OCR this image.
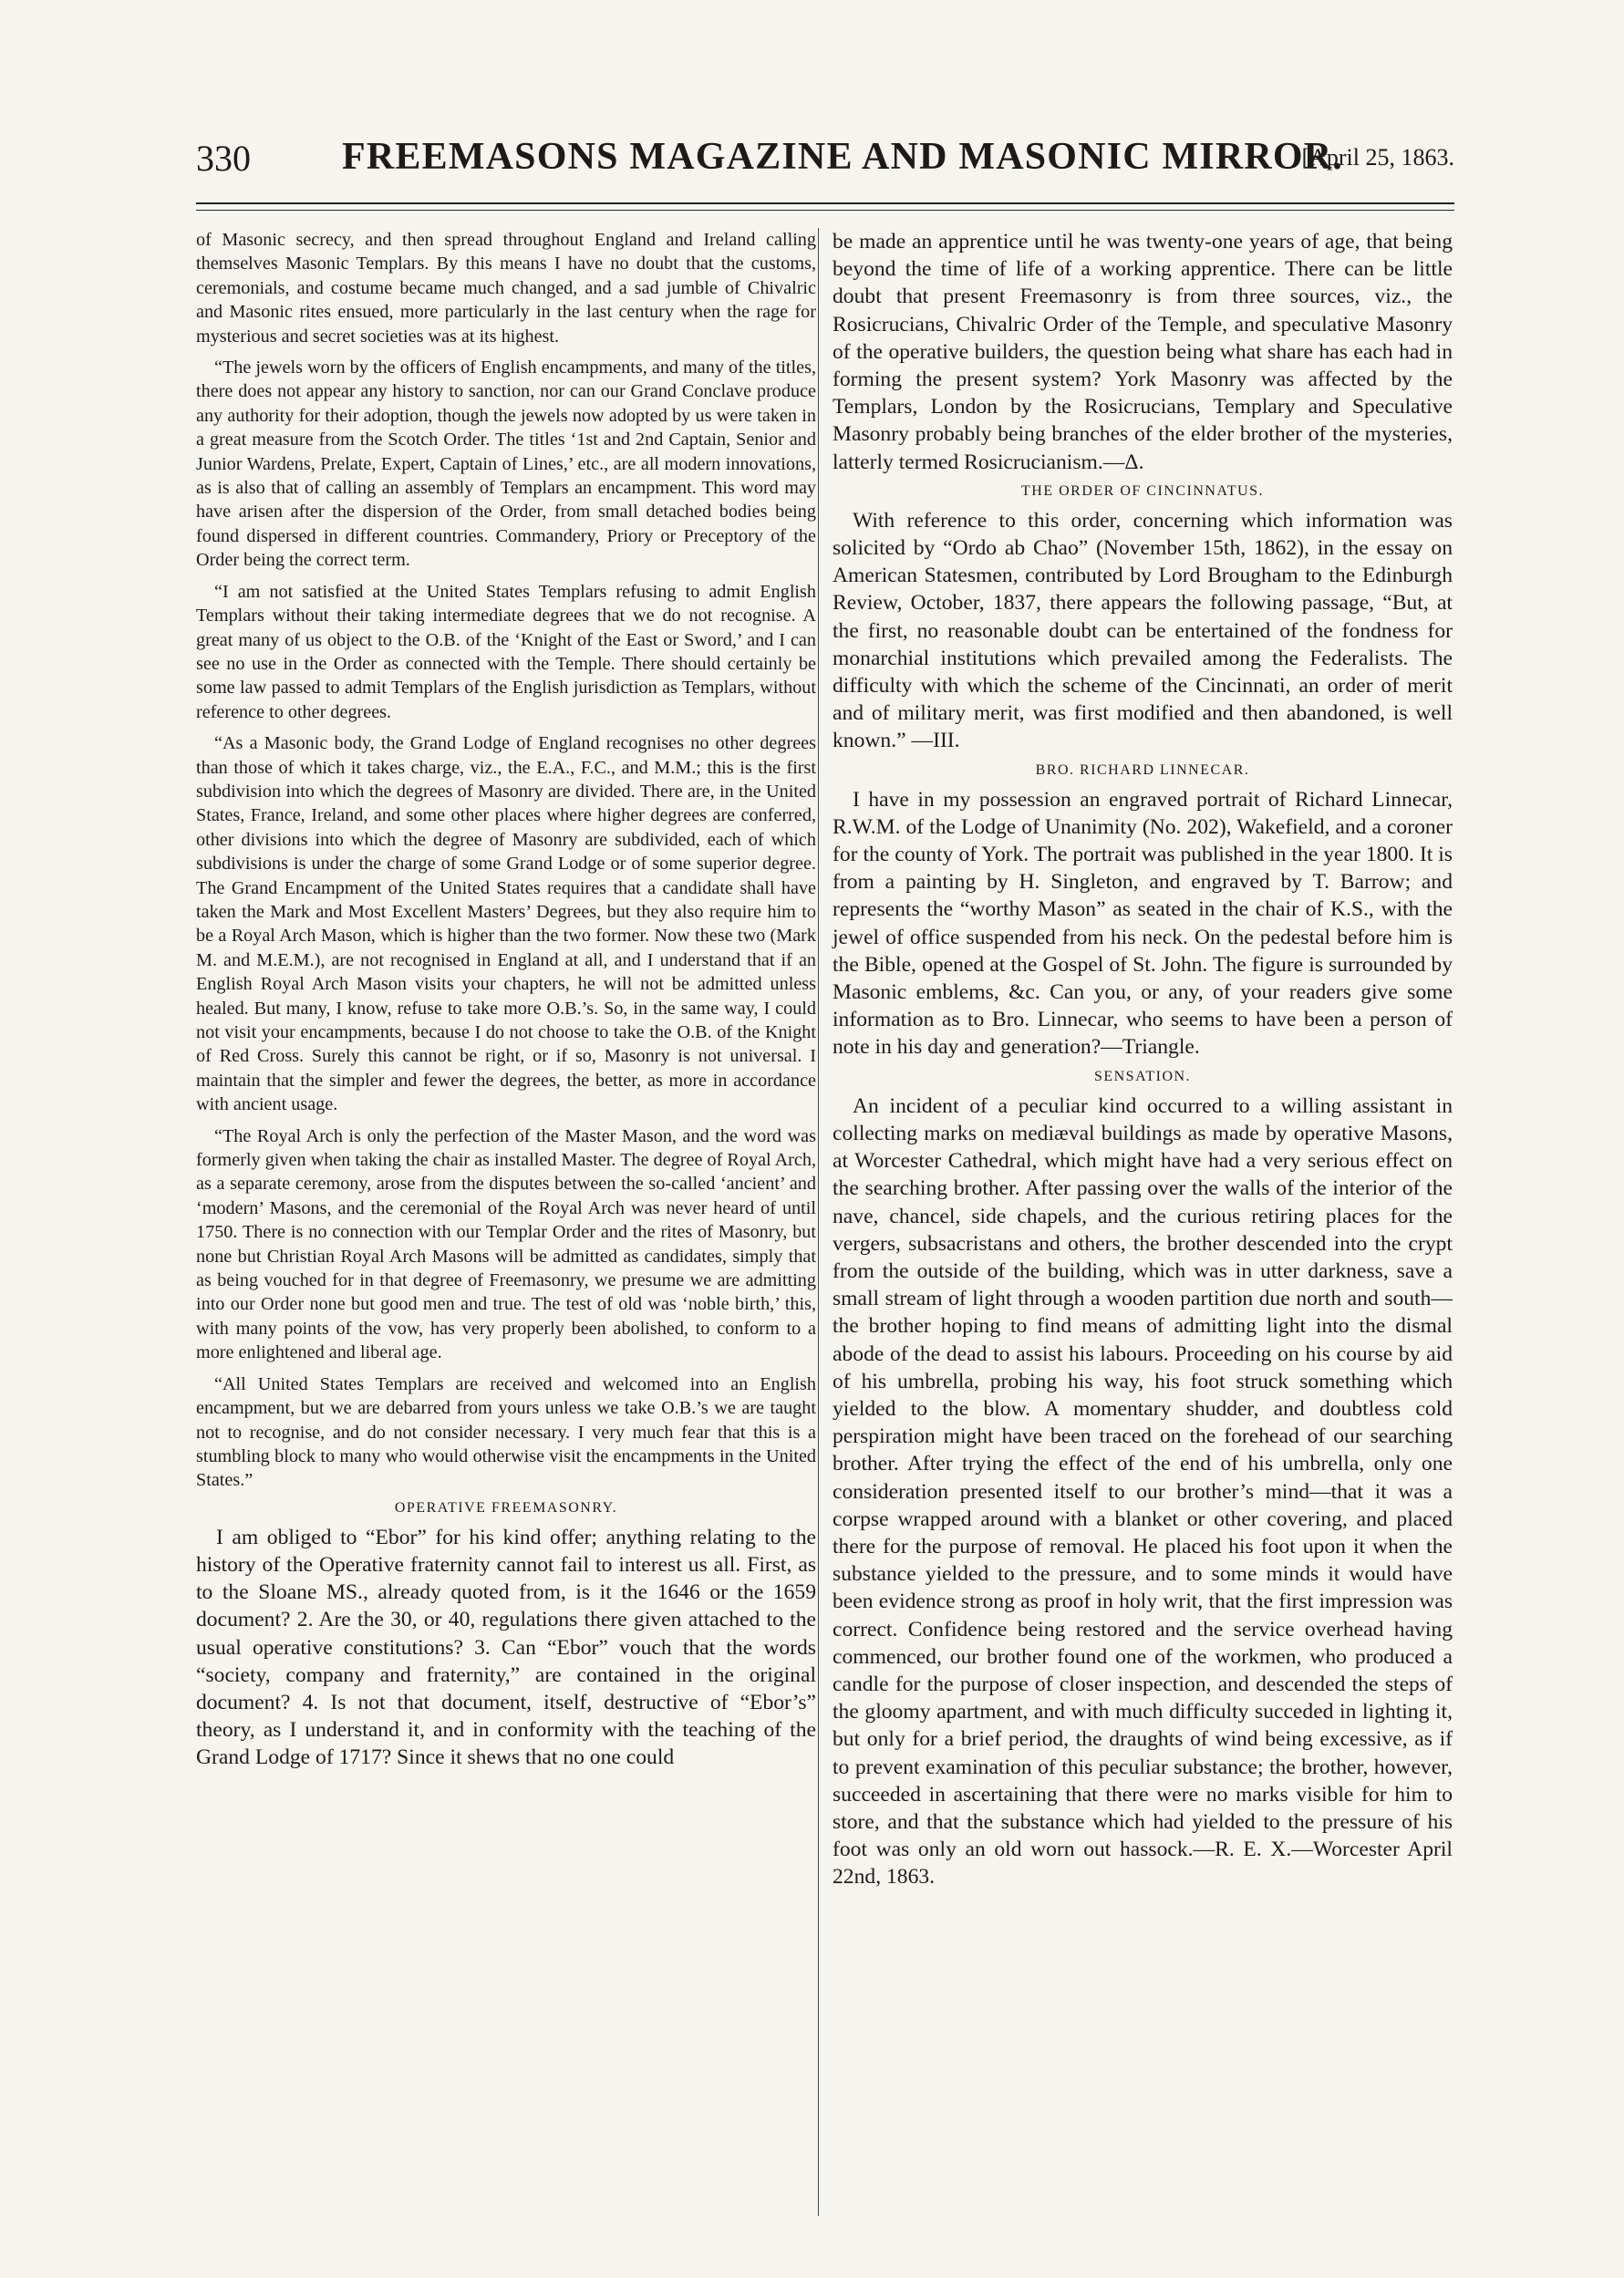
330 FREEMASONS MAGAZINE AND MASONIC MIRROR.
[April 25, 1863.

of Masonic secrecy, and then spread throughout England and Ireland calling themselves Masonic Templars. By this means I have no doubt that the customs, ceremonials, and costume became much changed, and a sad jumble of Chivalric and Masonic rites ensued, more particularly in the last century when the rage for mysterious and secret societies was at its highest.

“The jewels worn by the officers of English encampments, and many of the titles, there does not appear any history to sanction, nor can our Grand Conclave produce any authority for their adoption, though the jewels now adopted by us were taken in a great measure from the Scotch Order. The titles ‘1st and 2nd Captain, Senior and Junior Wardens, Prelate, Expert, Captain of Lines,’ etc., are all modern innovations, as is also that of calling an assembly of Templars an encampment. This word may have arisen after the dispersion of the Order, from small detached bodies being found dispersed in different countries. Commandery, Priory or Preceptory of the Order being the correct term.

“I am not satisfied at the United States Templars refusing to admit English Templars without their taking intermediate degrees that we do not recognise. A great many of us object to the O.B. of the ‘Knight of the East or Sword,’ and I can see no use in the Order as connected with the Temple. There should certainly be some law passed to admit Templars of the English jurisdiction as Templars, without reference to other degrees.

“As a Masonic body, the Grand Lodge of England recognises no other degrees than those of which it takes charge, viz., the E.A., F.C., and M.M.; this is the first subdivision into which the degrees of Masonry are divided. There are, in the United States, France, Ireland, and some other places where higher degrees are conferred, other divisions into which the degree of Masonry are subdivided, each of which subdivisions is under the charge of some Grand Lodge or of some superior degree. The Grand Encampment of the United States requires that a candidate shall have taken the Mark and Most Excellent Masters’ Degrees, but they also require him to be a Royal Arch Mason, which is higher than the two former. Now these two (Mark M. and M.E.M.), are not recognised in England at all, and I understand that if an English Royal Arch Mason visits your chapters, he will not be admitted unless healed. But many, I know, refuse to take more O.B.’s. So, in the same way, I could not visit your encampments, because I do not choose to take the O.B. of the Knight of Red Cross. Surely this cannot be right, or if so, Masonry is not universal. I maintain that the simpler and fewer the degrees, the better, as more in accordance with ancient usage.

“The Royal Arch is only the perfection of the Master Mason, and the word was formerly given when taking the chair as installed Master. The degree of Royal Arch, as a separate ceremony, arose from the disputes between the so-called ‘ancient’ and ‘modern’ Masons, and the ceremonial of the Royal Arch was never heard of until 1750. There is no connection with our Templar Order and the rites of Masonry, but none but Christian Royal Arch Masons will be admitted as candidates, simply that as being vouched for in that degree of Freemasonry, we presume we are admitting into our Order none but good men and true. The test of old was ‘noble birth,’ this, with many points of the vow, has very properly been abolished, to conform to a more enlightened and liberal age.

“All United States Templars are received and welcomed into an English encampment, but we are debarred from yours unless we take O.B.’s we are taught not to recognise, and do not consider necessary. I very much fear that this is a stumbling block to many who would otherwise visit the encampments in the United States.”

OPERATIVE FREEMASONRY.

I am obliged to “Ebor” for his kind offer; anything relating to the history of the Operative fraternity cannot fail to interest us all. First, as to the Sloane MS., already quoted from, is it the 1646 or the 1659 document? 2. Are the 30, or 40, regulations there given attached to the usual operative constitutions? 3. Can “Ebor” vouch that the words “society, company and fraternity,” are contained in the original document? 4. Is not that document, itself, destructive of “Ebor’s” theory, as I understand it, and in conformity with the teaching of the Grand Lodge of 1717? Since it shews that no one could

be made an apprentice until he was twenty-one years of age, that being beyond the time of life of a working apprentice. There can be little doubt that present Freemasonry is from three sources, viz., the Rosicrucians, Chivalric Order of the Temple, and speculative Masonry of the operative builders, the question being what share has each had in forming the present system? York Masonry was affected by the Templars, London by the Rosicrucians, Templary and Speculative Masonry probably being branches of the elder brother of the mysteries, latterly termed Rosicrucianism.—Δ.

THE ORDER OF CINCINNATUS.

With reference to this order, concerning which information was solicited by “Ordo ab Chao” (November 15th, 1862), in the essay on American Statesmen, contributed by Lord Brougham to the Edinburgh Review, October, 1837, there appears the following passage, “But, at the first, no reasonable doubt can be entertained of the fondness for monarchial institutions which prevailed among the Federalists. The difficulty with which the scheme of the Cincinnati, an order of merit and of military merit, was first modified and then abandoned, is well known.” —III.

BRO. RICHARD LINNECAR.

I have in my possession an engraved portrait of Richard Linnecar, R.W.M. of the Lodge of Unanimity (No. 202), Wakefield, and a coroner for the county of York. The portrait was published in the year 1800. It is from a painting by H. Singleton, and engraved by T. Barrow; and represents the “worthy Mason” as seated in the chair of K.S., with the jewel of office suspended from his neck. On the pedestal before him is the Bible, opened at the Gospel of St. John. The figure is surrounded by Masonic emblems, &c. Can you, or any, of your readers give some information as to Bro. Linnecar, who seems to have been a person of note in his day and generation?—Triangle.

SENSATION.

An incident of a peculiar kind occurred to a willing assistant in collecting marks on mediæval buildings as made by operative Masons, at Worcester Cathedral, which might have had a very serious effect on the searching brother. After passing over the walls of the interior of the nave, chancel, side chapels, and the curious retiring places for the vergers, subsacristans and others, the brother descended into the crypt from the outside of the building, which was in utter darkness, save a small stream of light through a wooden partition due north and south—the brother hoping to find means of admitting light into the dismal abode of the dead to assist his labours. Proceeding on his course by aid of his umbrella, probing his way, his foot struck something which yielded to the blow. A momentary shudder, and doubtless cold perspiration might have been traced on the forehead of our searching brother. After trying the effect of the end of his umbrella, only one consideration presented itself to our brother’s mind—that it was a corpse wrapped around with a blanket or other covering, and placed there for the purpose of removal. He placed his foot upon it when the substance yielded to the pressure, and to some minds it would have been evidence strong as proof in holy writ, that the first impression was correct. Confidence being restored and the service overhead having commenced, our brother found one of the workmen, who produced a candle for the purpose of closer inspection, and descended the steps of the gloomy apartment, and with much difficulty succeded in lighting it, but only for a brief period, the draughts of wind being excessive, as if to prevent examination of this peculiar substance; the brother, however, succeeded in ascertaining that there were no marks visible for him to store, and that the substance which had yielded to the pressure of his foot was only an old worn out hassock.—R. E. X.—Worcester April 22nd, 1863.
